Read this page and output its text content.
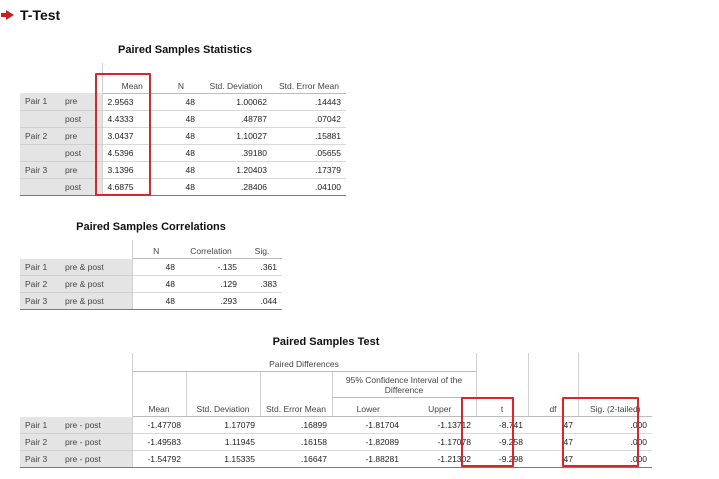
T-Test
Paired Samples Statistics
		Mean	N	Std. Deviation	Std. Error Mean
Pair 1	pre	2.9563	48	1.00062	.14443
	post	4.4333	48	.48787	.07042
Pair 2	pre	3.0437	48	1.10027	.15881
	post	4.5396	48	.39180	.05655
Pair 3	pre	3.1396	48	1.20403	.17379
	post	4.6875	48	.28406	.04100
Paired Samples Correlations
		N	Correlation	Sig.
Pair 1	pre & post	48	-.135	.361
Pair 2	pre & post	48	.129	.383
Pair 3	pre & post	48	.293	.044
Paired Samples Test
		Paired Differences							
					95% Confidence Interval of the Difference				
		Mean	Std. Deviation	Std. Error Mean	Lower	Upper	t	df	Sig. (2-tailed)
Pair 1	pre - post	-1.47708	1.17079	.16899	-1.81704	-1.13712	-8.741	47	.000
Pair 2	pre - post	-1.49583	1.11945	.16158	-1.82089	-1.17078	-9.258	47	.000
Pair 3	pre - post	-1.54792	1.15335	.16647	-1.88281	-1.21302	-9.298	47	.000
